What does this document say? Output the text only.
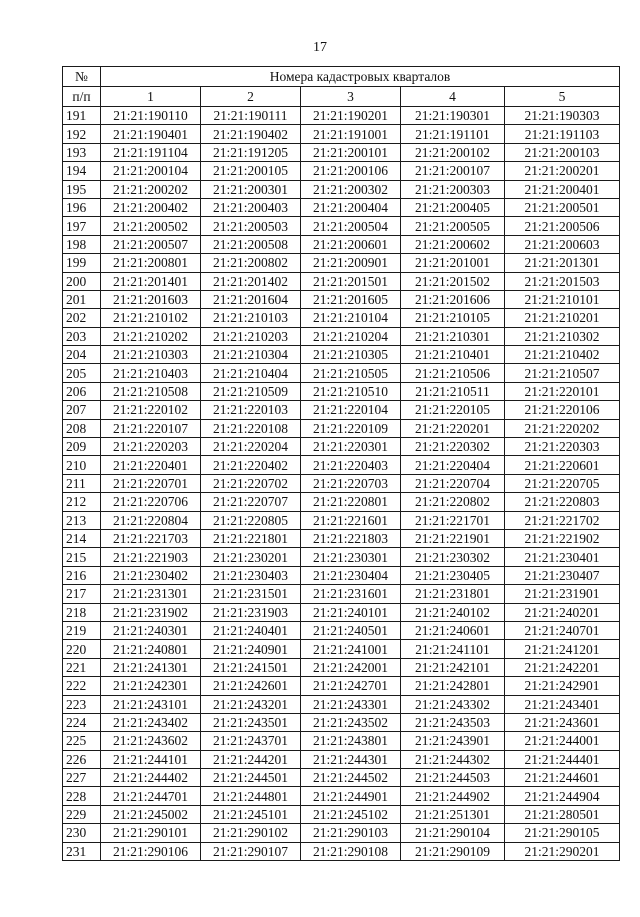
17
№	Номера кадастровых кварталов				
п/п	1	2	3	4	5
191	21:21:190110	21:21:190111	21:21:190201	21:21:190301	21:21:190303
192	21:21:190401	21:21:190402	21:21:191001	21:21:191101	21:21:191103
193	21:21:191104	21:21:191205	21:21:200101	21:21:200102	21:21:200103
194	21:21:200104	21:21:200105	21:21:200106	21:21:200107	21:21:200201
195	21:21:200202	21:21:200301	21:21:200302	21:21:200303	21:21:200401
196	21:21:200402	21:21:200403	21:21:200404	21:21:200405	21:21:200501
197	21:21:200502	21:21:200503	21:21:200504	21:21:200505	21:21:200506
198	21:21:200507	21:21:200508	21:21:200601	21:21:200602	21:21:200603
199	21:21:200801	21:21:200802	21:21:200901	21:21:201001	21:21:201301
200	21:21:201401	21:21:201402	21:21:201501	21:21:201502	21:21:201503
201	21:21:201603	21:21:201604	21:21:201605	21:21:201606	21:21:210101
202	21:21:210102	21:21:210103	21:21:210104	21:21:210105	21:21:210201
203	21:21:210202	21:21:210203	21:21:210204	21:21:210301	21:21:210302
204	21:21:210303	21:21:210304	21:21:210305	21:21:210401	21:21:210402
205	21:21:210403	21:21:210404	21:21:210505	21:21:210506	21:21:210507
206	21:21:210508	21:21:210509	21:21:210510	21:21:210511	21:21:220101
207	21:21:220102	21:21:220103	21:21:220104	21:21:220105	21:21:220106
208	21:21:220107	21:21:220108	21:21:220109	21:21:220201	21:21:220202
209	21:21:220203	21:21:220204	21:21:220301	21:21:220302	21:21:220303
210	21:21:220401	21:21:220402	21:21:220403	21:21:220404	21:21:220601
211	21:21:220701	21:21:220702	21:21:220703	21:21:220704	21:21:220705
212	21:21:220706	21:21:220707	21:21:220801	21:21:220802	21:21:220803
213	21:21:220804	21:21:220805	21:21:221601	21:21:221701	21:21:221702
214	21:21:221703	21:21:221801	21:21:221803	21:21:221901	21:21:221902
215	21:21:221903	21:21:230201	21:21:230301	21:21:230302	21:21:230401
216	21:21:230402	21:21:230403	21:21:230404	21:21:230405	21:21:230407
217	21:21:231301	21:21:231501	21:21:231601	21:21:231801	21:21:231901
218	21:21:231902	21:21:231903	21:21:240101	21:21:240102	21:21:240201
219	21:21:240301	21:21:240401	21:21:240501	21:21:240601	21:21:240701
220	21:21:240801	21:21:240901	21:21:241001	21:21:241101	21:21:241201
221	21:21:241301	21:21:241501	21:21:242001	21:21:242101	21:21:242201
222	21:21:242301	21:21:242601	21:21:242701	21:21:242801	21:21:242901
223	21:21:243101	21:21:243201	21:21:243301	21:21:243302	21:21:243401
224	21:21:243402	21:21:243501	21:21:243502	21:21:243503	21:21:243601
225	21:21:243602	21:21:243701	21:21:243801	21:21:243901	21:21:244001
226	21:21:244101	21:21:244201	21:21:244301	21:21:244302	21:21:244401
227	21:21:244402	21:21:244501	21:21:244502	21:21:244503	21:21:244601
228	21:21:244701	21:21:244801	21:21:244901	21:21:244902	21:21:244904
229	21:21:245002	21:21:245101	21:21:245102	21:21:251301	21:21:280501
230	21:21:290101	21:21:290102	21:21:290103	21:21:290104	21:21:290105
231	21:21:290106	21:21:290107	21:21:290108	21:21:290109	21:21:290201
